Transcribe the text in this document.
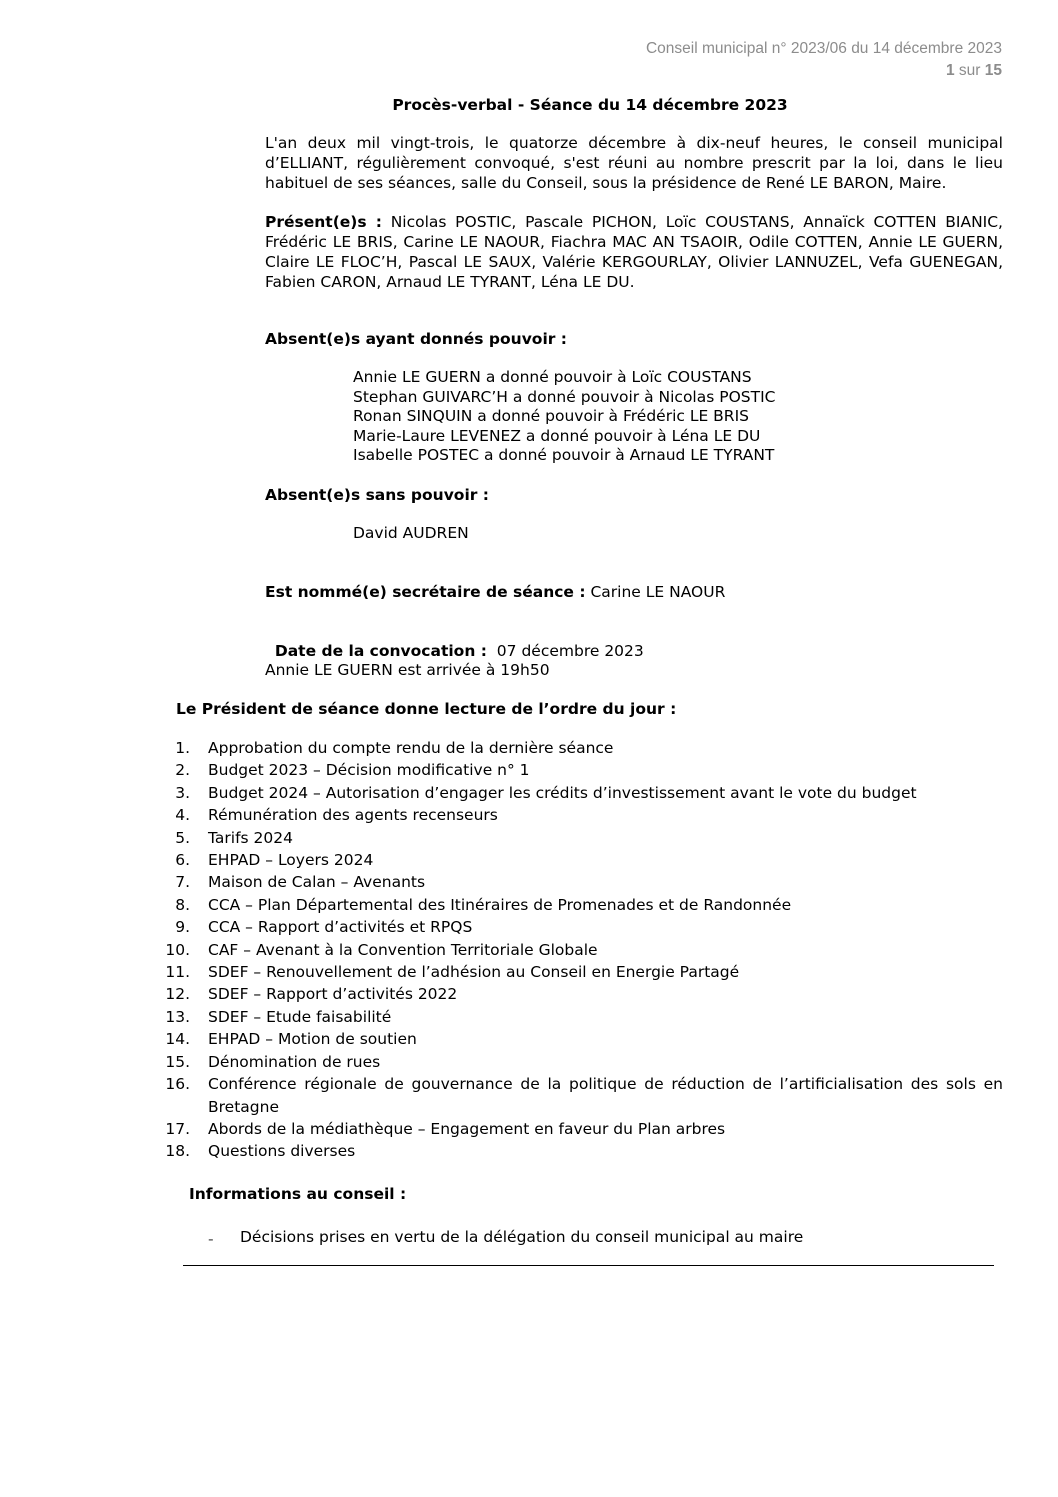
Conseil municipal n° 2023/06 du 14 décembre 2023
1 sur 15
Procès-verbal - Séance du 14 décembre 2023
L'an deux mil vingt-trois, le quatorze décembre à dix-neuf heures, le conseil municipal d’ELLIANT, régulièrement convoqué, s'est réuni au nombre prescrit par la loi, dans le lieu habituel de ses séances, salle du Conseil, sous la présidence de René LE BARON, Maire.
Présent(e)s : Nicolas POSTIC, Pascale PICHON, Loïc COUSTANS, Annaïck COTTEN BIANIC, Frédéric LE BRIS, Carine LE NAOUR, Fiachra MAC AN TSAOIR, Odile COTTEN, Annie LE GUERN, Claire LE FLOC’H, Pascal LE SAUX, Valérie KERGOURLAY, Olivier LANNUZEL, Vefa GUENEGAN, Fabien CARON, Arnaud LE TYRANT, Léna LE DU.
Absent(e)s ayant donnés pouvoir :
Annie LE GUERN a donné pouvoir à Loïc COUSTANS
Stephan GUIVARC’H a donné pouvoir à Nicolas POSTIC
Ronan SINQUIN a donné pouvoir à Frédéric LE BRIS
Marie-Laure LEVENEZ a donné pouvoir à Léna LE DU
Isabelle POSTEC a donné pouvoir à Arnaud LE TYRANT
Absent(e)s sans pouvoir :
David AUDREN
Est nommé(e) secrétaire de séance : Carine LE NAOUR

Date de la convocation :  07 décembre 2023

Annie LE GUERN est arrivée à 19h50
Le Président de séance donne lecture de l’ordre du jour :
1. Approbation du compte rendu de la dernière séance
2. Budget 2023 – Décision modificative n° 1
3. Budget 2024 – Autorisation d’engager les crédits d’investissement avant le vote du budget
4. Rémunération des agents recenseurs
5. Tarifs 2024
6. EHPAD – Loyers 2024
7. Maison de Calan – Avenants
8. CCA – Plan Départemental des Itinéraires de Promenades et de Randonnée
9. CCA – Rapport d’activités et RPQS
10. CAF – Avenant à la Convention Territoriale Globale
11. SDEF – Renouvellement de l’adhésion au Conseil en Energie Partagé
12. SDEF – Rapport d’activités 2022
13. SDEF – Etude faisabilité
14. EHPAD – Motion de soutien
15. Dénomination de rues
16. Conférence régionale de gouvernance de la politique de réduction de l’artificialisation des sols en Bretagne
17. Abords de la médiathèque – Engagement en faveur du Plan arbres
18. Questions diverses
Informations au conseil :
- Décisions prises en vertu de la délégation du conseil municipal au maire
